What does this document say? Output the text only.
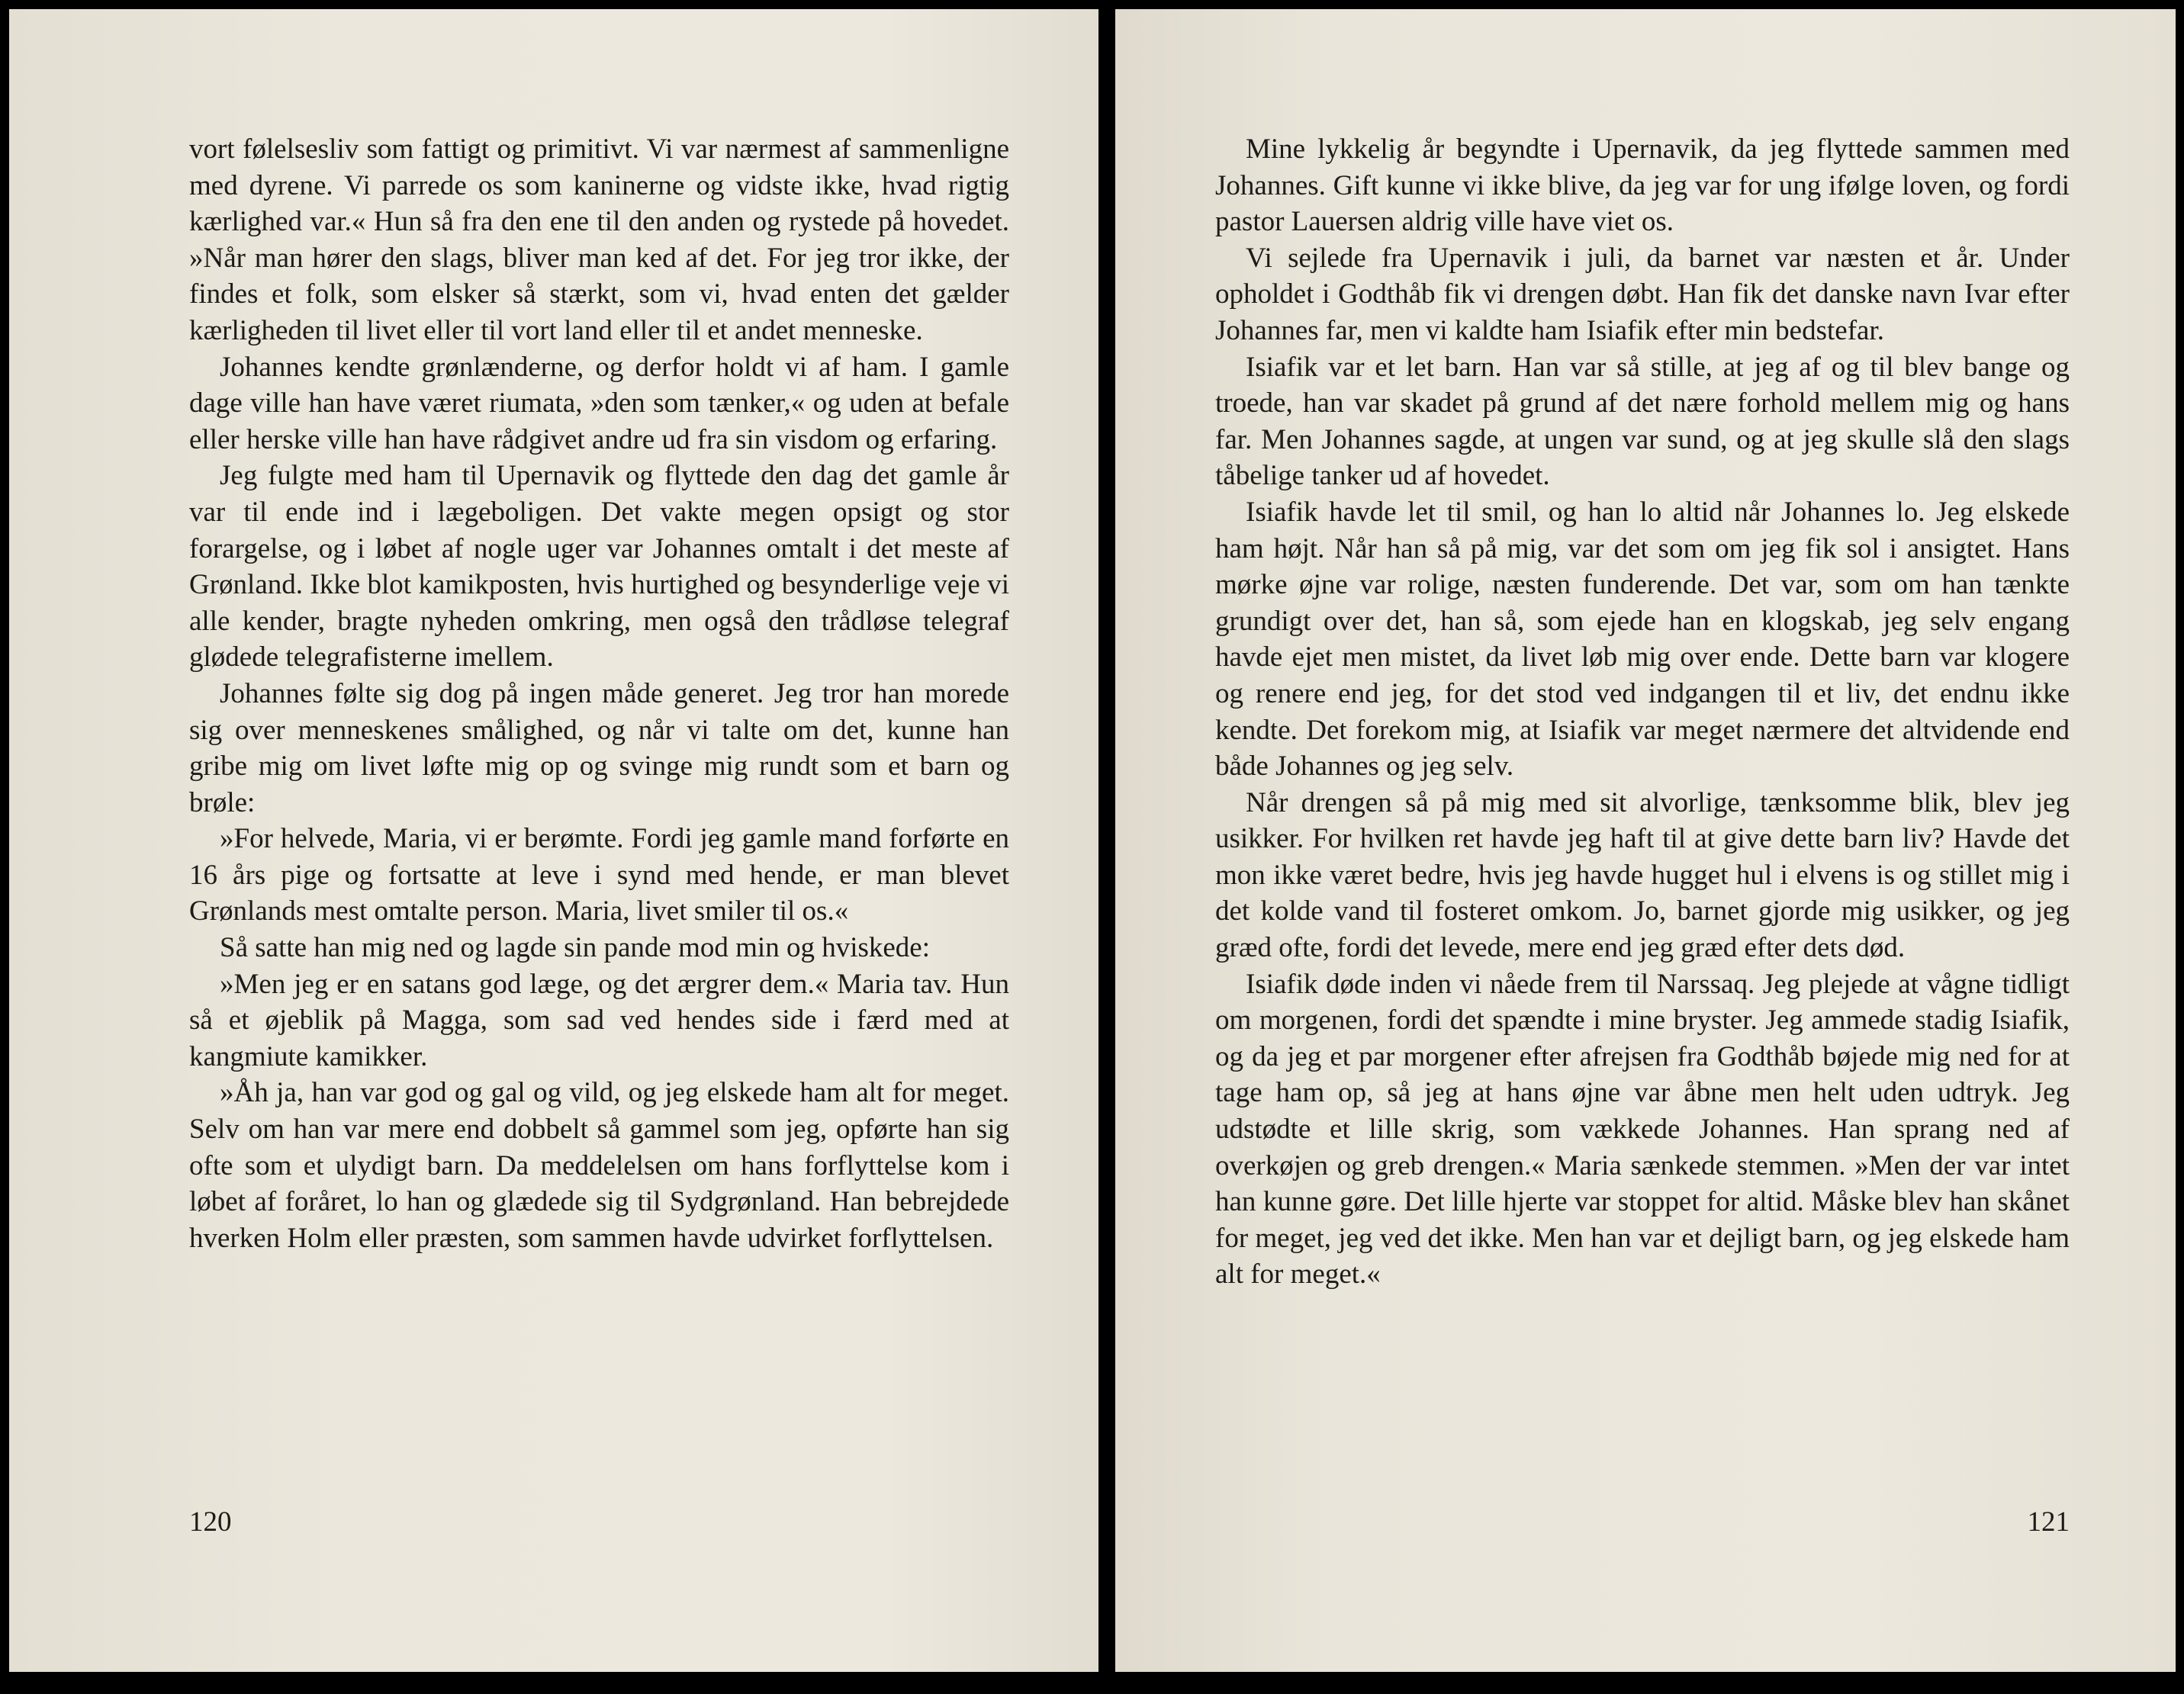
vort følelsesliv som fattigt og primitivt. Vi var nærmest af sammenligne med dyrene. Vi parrede os som kaninerne og vidste ikke, hvad rigtig kærlighed var.« Hun så fra den ene til den anden og rystede på hovedet. »Når man hører den slags, bliver man ked af det. For jeg tror ikke, der findes et folk, som elsker så stærkt, som vi, hvad enten det gælder kærligheden til livet eller til vort land eller til et andet menneske.

Johannes kendte grønlænderne, og derfor holdt vi af ham. I gamle dage ville han have været riumata, »den som tænker,« og uden at befale eller herske ville han have rådgivet andre ud fra sin visdom og erfaring.

Jeg fulgte med ham til Upernavik og flyttede den dag det gamle år var til ende ind i lægeboligen. Det vakte megen opsigt og stor forargelse, og i løbet af nogle uger var Johannes omtalt i det meste af Grønland. Ikke blot kamikposten, hvis hurtighed og besynderlige veje vi alle kender, bragte nyheden omkring, men også den trådløse telegraf glødede telegrafisterne imellem.

Johannes følte sig dog på ingen måde generet. Jeg tror han morede sig over menneskenes smålighed, og når vi talte om det, kunne han gribe mig om livet løfte mig op og svinge mig rundt som et barn og brøle:

»For helvede, Maria, vi er berømte. Fordi jeg gamle mand forførte en 16 års pige og fortsatte at leve i synd med hende, er man blevet Grønlands mest omtalte person. Maria, livet smiler til os.«

Så satte han mig ned og lagde sin pande mod min og hviskede:

»Men jeg er en satans god læge, og det ærgrer dem.« Maria tav. Hun så et øjeblik på Magga, som sad ved hendes side i færd med at kangmiute kamikker.

»Åh ja, han var god og gal og vild, og jeg elskede ham alt for meget. Selv om han var mere end dobbelt så gammel som jeg, opførte han sig ofte som et ulydigt barn. Da meddelelsen om hans forflyttelse kom i løbet af foråret, lo han og glædede sig til Sydgrønland. Han bebrejdede hverken Holm eller præsten, som sammen havde udvirket forflyttelsen.

120

Mine lykkelig år begyndte i Upernavik, da jeg flyttede sammen med Johannes. Gift kunne vi ikke blive, da jeg var for ung ifølge loven, og fordi pastor Lauersen aldrig ville have viet os.

Vi sejlede fra Upernavik i juli, da barnet var næsten et år. Under opholdet i Godthåb fik vi drengen døbt. Han fik det danske navn Ivar efter Johannes far, men vi kaldte ham Isiafik efter min bedstefar.

Isiafik var et let barn. Han var så stille, at jeg af og til blev bange og troede, han var skadet på grund af det nære forhold mellem mig og hans far. Men Johannes sagde, at ungen var sund, og at jeg skulle slå den slags tåbelige tanker ud af hovedet.

Isiafik havde let til smil, og han lo altid når Johannes lo. Jeg elskede ham højt. Når han så på mig, var det som om jeg fik sol i ansigtet. Hans mørke øjne var rolige, næsten funderende. Det var, som om han tænkte grundigt over det, han så, som ejede han en klogskab, jeg selv engang havde ejet men mistet, da livet løb mig over ende. Dette barn var klogere og renere end jeg, for det stod ved indgangen til et liv, det endnu ikke kendte. Det forekom mig, at Isiafik var meget nærmere det altvidende end både Johannes og jeg selv.

Når drengen så på mig med sit alvorlige, tænksomme blik, blev jeg usikker. For hvilken ret havde jeg haft til at give dette barn liv? Havde det mon ikke været bedre, hvis jeg havde hugget hul i elvens is og stillet mig i det kolde vand til fosteret omkom. Jo, barnet gjorde mig usikker, og jeg græd ofte, fordi det levede, mere end jeg græd efter dets død.

Isiafik døde inden vi nåede frem til Narssaq. Jeg plejede at vågne tidligt om morgenen, fordi det spændte i mine bryster. Jeg ammede stadig Isiafik, og da jeg et par morgener efter afrejsen fra Godthåb bøjede mig ned for at tage ham op, så jeg at hans øjne var åbne men helt uden udtryk. Jeg udstødte et lille skrig, som vækkede Johannes. Han sprang ned af overkøjen og greb drengen.« Maria sænkede stemmen. »Men der var intet han kunne gøre. Det lille hjerte var stoppet for altid. Måske blev han skånet for meget, jeg ved det ikke. Men han var et dejligt barn, og jeg elskede ham alt for meget.«

121
